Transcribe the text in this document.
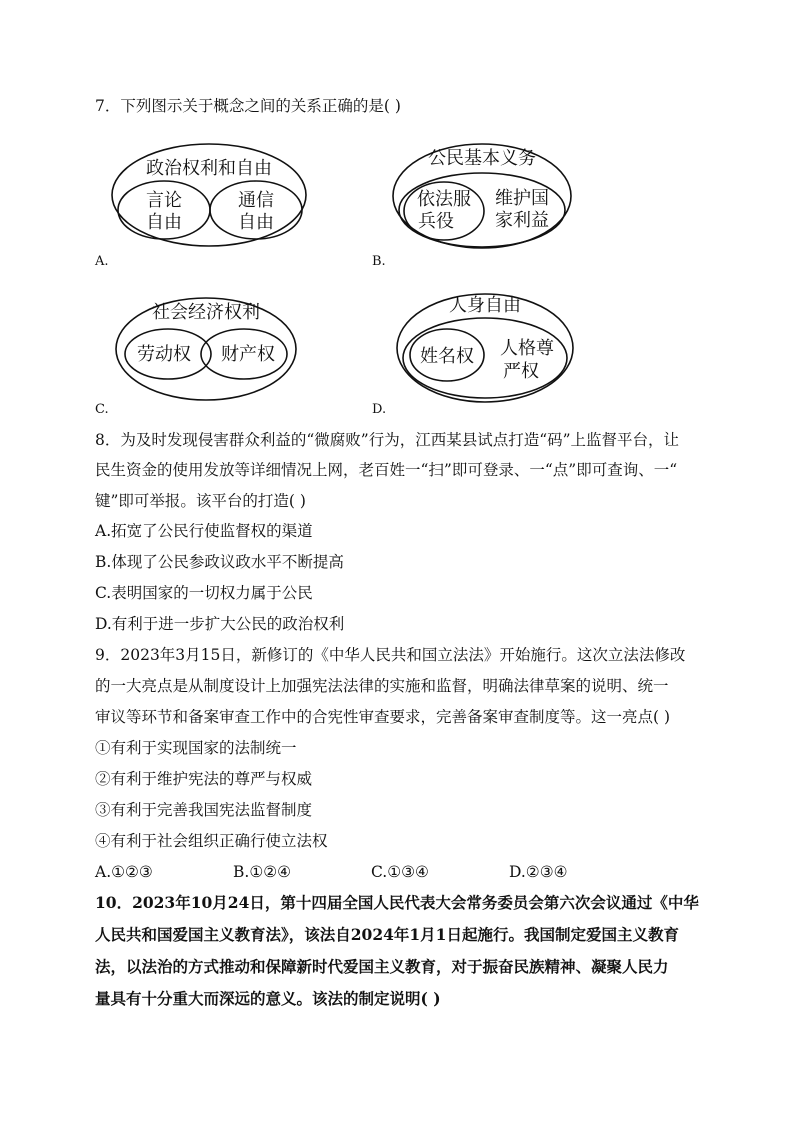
7．下列图示关于概念之间的关系正确的是( )
政治权利和自由
言论
自由
通信
自由
A.
公民基本义务
依法服
兵役
维护国
家利益
B.
社会经济权利
劳动权 财产权
C.
人身自由
姓名权 人格尊
严权
D.
8．为及时发现侵害群众利益的“微腐败”行为，江西某县试点打造“码”上监督平台，让
民生资金的使用发放等详细情况上网，老百姓一“扫”即可登录、一“点”即可查询、一“
键”即可举报。该平台的打造( )
A.拓宽了公民行使监督权的渠道
B.体现了公民参政议政水平不断提高
C.表明国家的一切权力属于公民
D.有利于进一步扩大公民的政治权利
9．2023年3月15日，新修订的《中华人民共和国立法法》开始施行。这次立法法修改
的一大亮点是从制度设计上加强宪法法律的实施和监督，明确法律草案的说明、统一
审议等环节和备案审查工作中的合宪性审查要求，完善备案审查制度等。这一亮点( )
①有利于实现国家的法制统一
②有利于维护宪法的尊严与权威
③有利于完善我国宪法监督制度
④有利于社会组织正确行使立法权
A.①②③	B.①②④	C.①③④	D.②③④
10．2023年10月24日，第十四届全国人民代表大会常务委员会第六次会议通过《中华
人民共和国爱国主义教育法》，该法自2024年1月1日起施行。我国制定爱国主义教育
法，以法治的方式推动和保障新时代爱国主义教育，对于振奋民族精神、凝聚人民力
量具有十分重大而深远的意义。该法的制定说明( )
